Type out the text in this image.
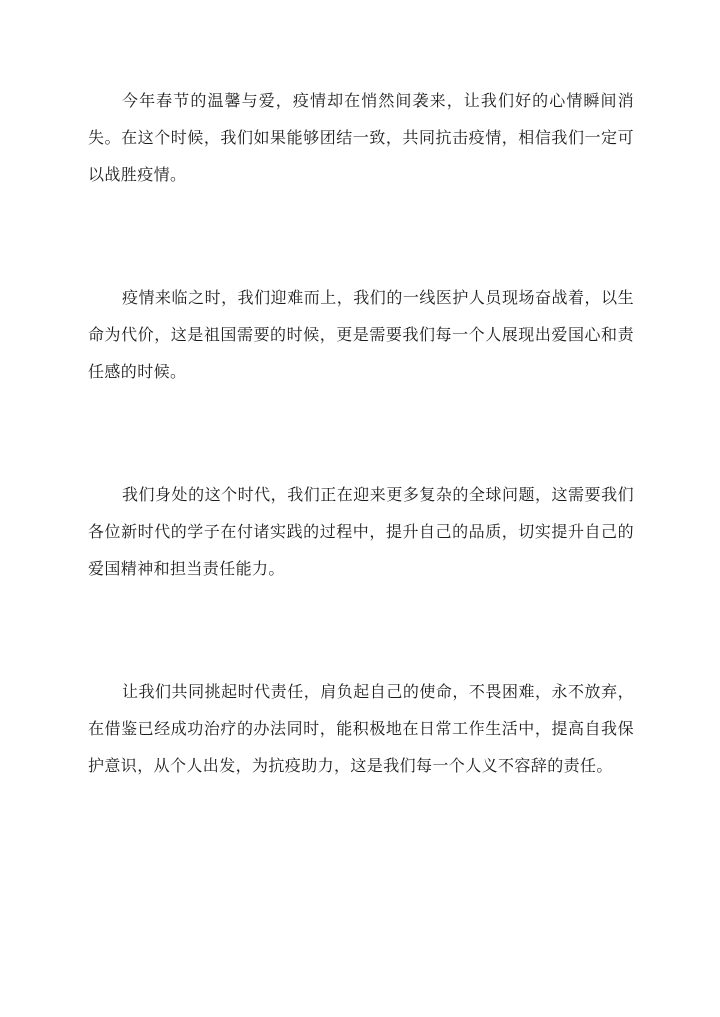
今年春节的温馨与爱，疫情却在悄然间袭来，让我们好的心情瞬间消失。在这个时候，我们如果能够团结一致，共同抗击疫情，相信我们一定可以战胜疫情。

疫情来临之时，我们迎难而上，我们的一线医护人员现场奋战着，以生命为代价，这是祖国需要的时候，更是需要我们每一个人展现出爱国心和责任感的时候。

我们身处的这个时代，我们正在迎来更多复杂的全球问题，这需要我们各位新时代的学子在付诸实践的过程中，提升自己的品质，切实提升自己的爱国精神和担当责任能力。

让我们共同挑起时代责任，肩负起自己的使命，不畏困难，永不放弃，在借鉴已经成功治疗的办法同时，能积极地在日常工作生活中，提高自我保护意识，从个人出发，为抗疫助力，这是我们每一个人义不容辞的责任。
